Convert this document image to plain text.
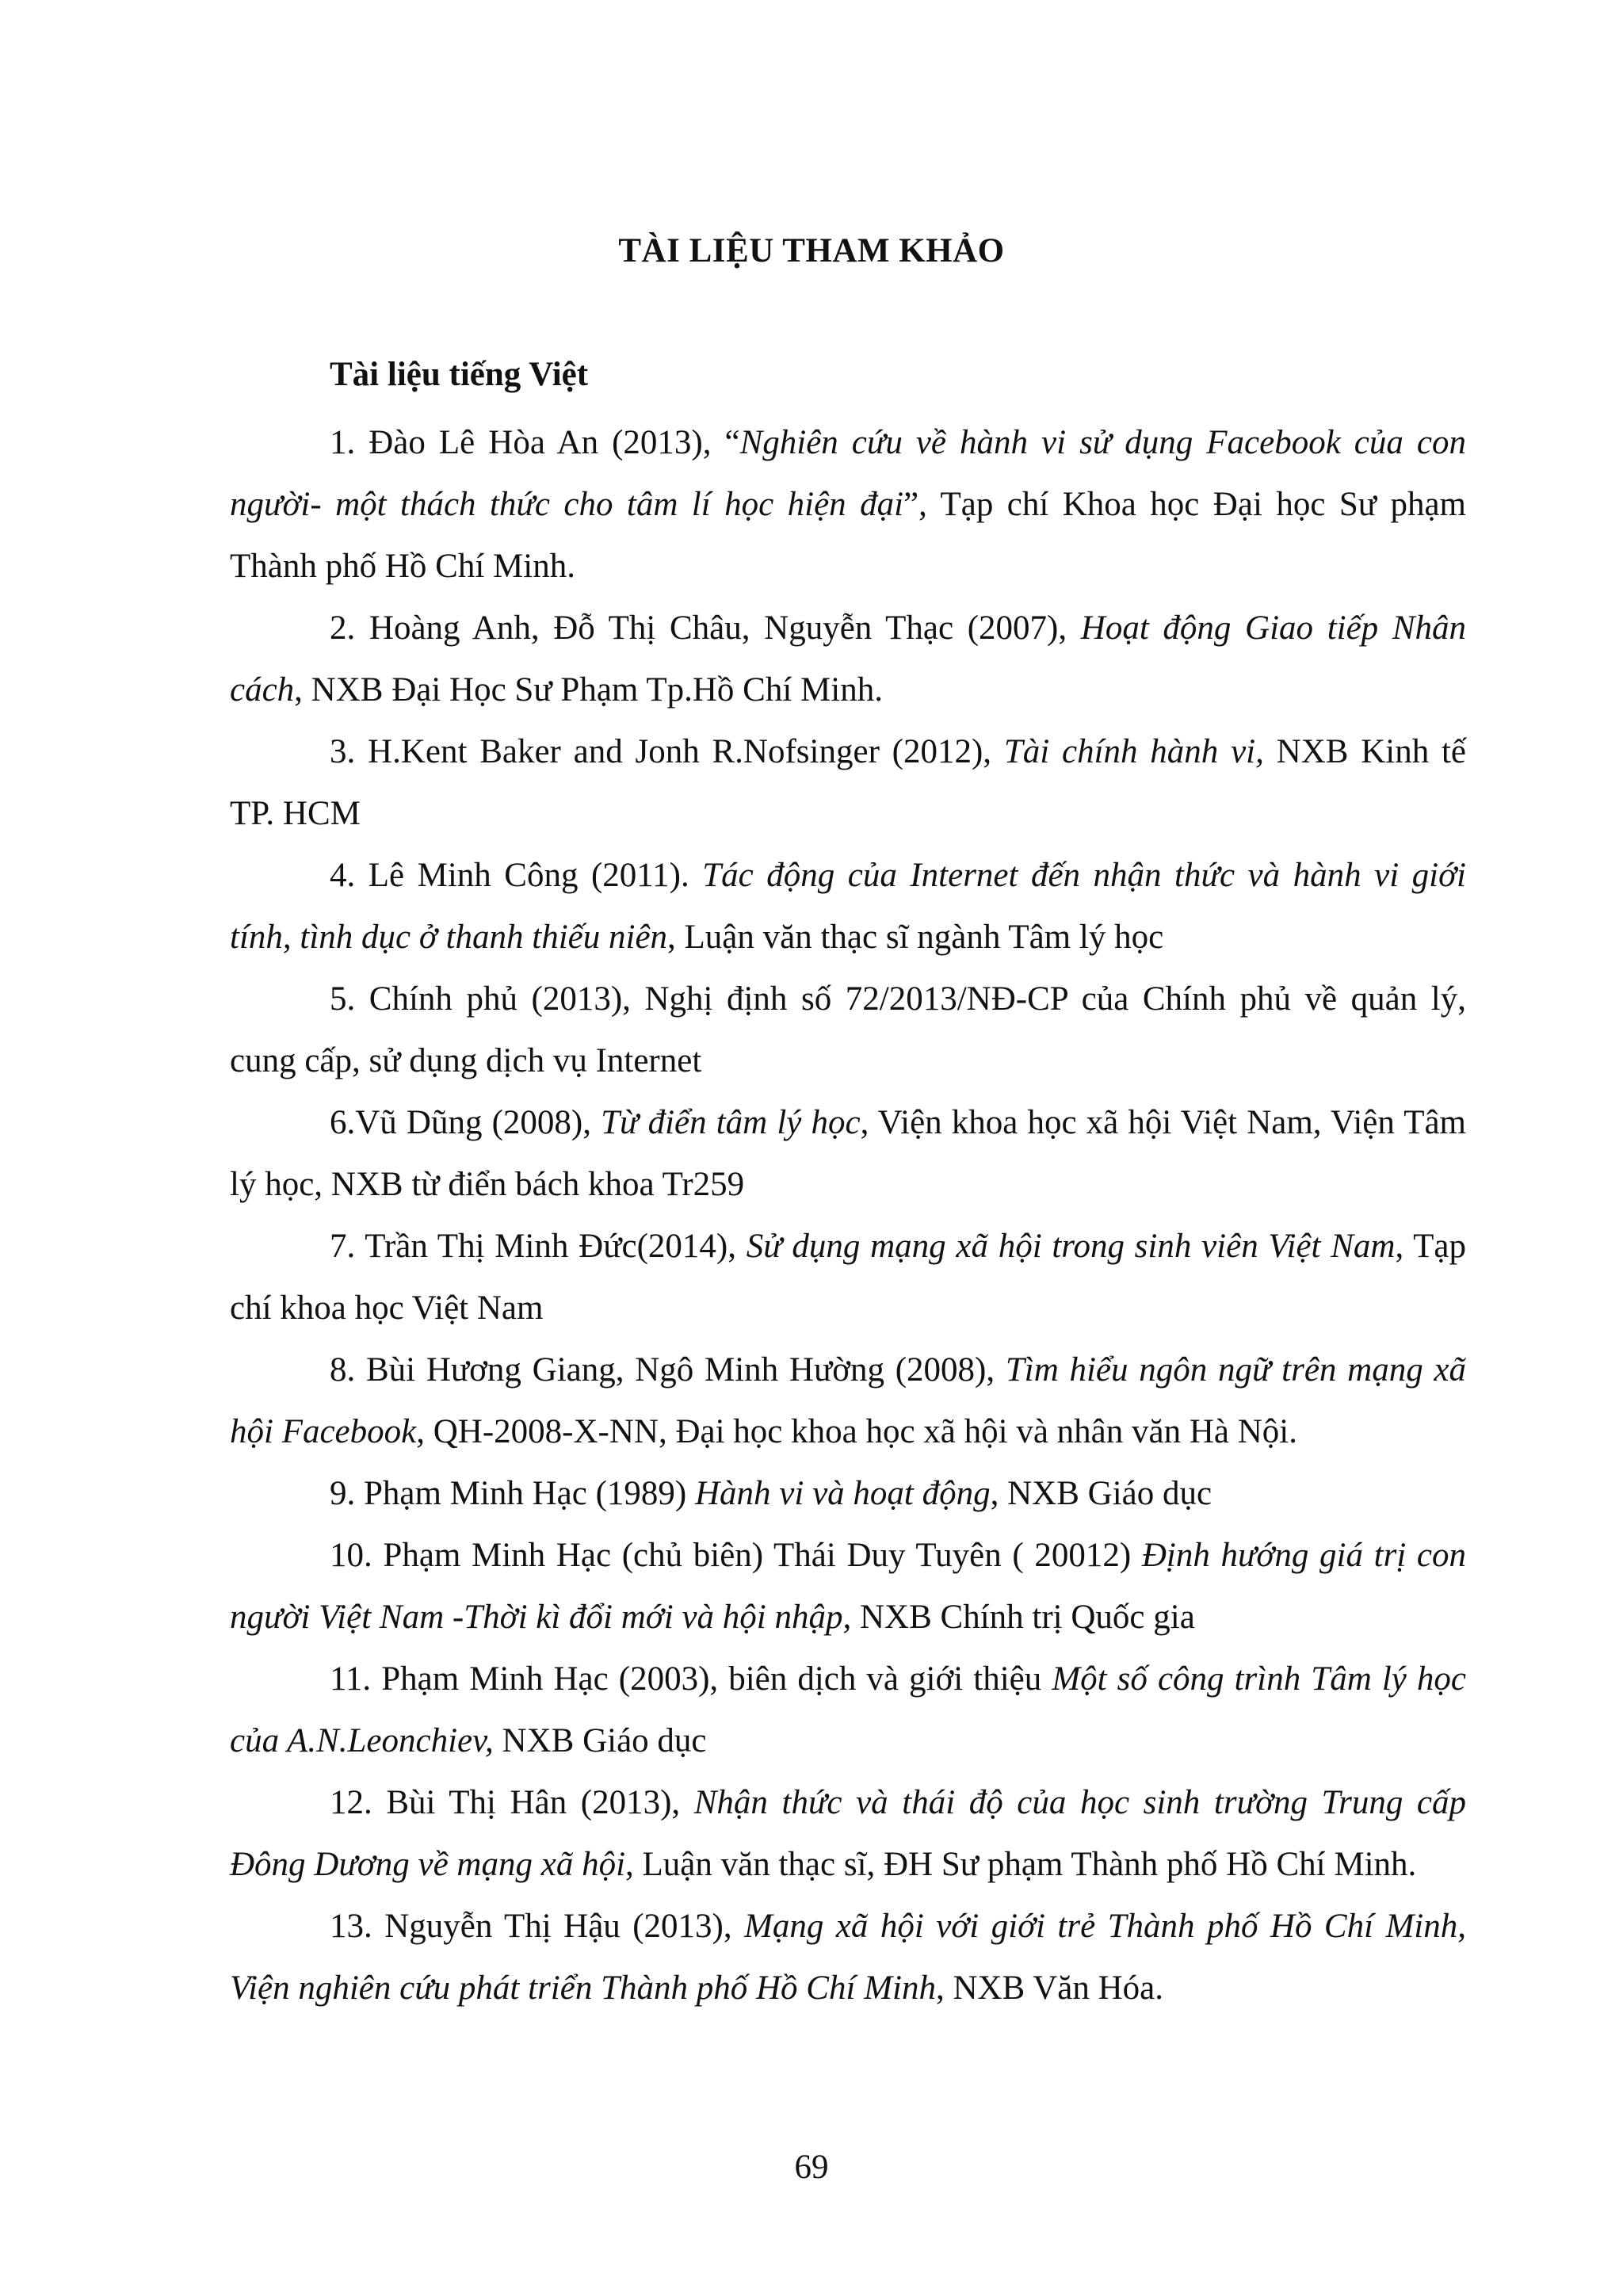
TÀI LIỆU THAM KHẢO
Tài liệu tiếng Việt

1. Đào Lê Hòa An (2013), “Nghiên cứu về hành vi sử dụng Facebook của con người- một thách thức cho tâm lí học hiện đại”, Tạp chí Khoa học Đại học Sư phạm Thành phố Hồ Chí Minh.

2. Hoàng Anh, Đỗ Thị Châu, Nguyễn Thạc (2007), Hoạt động Giao tiếp Nhân cách, NXB Đại Học Sư Phạm Tp.Hồ Chí Minh.

3. H.Kent Baker and Jonh R.Nofsinger (2012), Tài chính hành vi, NXB Kinh tế TP. HCM

4. Lê Minh Công (2011). Tác động của Internet đến nhận thức và hành vi giới tính, tình dục ở thanh thiếu niên, Luận văn thạc sĩ ngành Tâm lý học

5. Chính phủ (2013), Nghị định số 72/2013/NĐ-CP của Chính phủ về quản lý, cung cấp, sử dụng dịch vụ Internet

6.Vũ Dũng (2008), Từ điển tâm lý học, Viện khoa học xã hội Việt Nam, Viện Tâm lý học, NXB từ điển bách khoa Tr259

7. Trần Thị Minh Đức(2014), Sử dụng mạng xã hội trong sinh viên Việt Nam, Tạp chí khoa học Việt Nam

8. Bùi Hương Giang, Ngô Minh Hường (2008), Tìm hiểu ngôn ngữ trên mạng xã hội Facebook, QH-2008-X-NN, Đại học khoa học xã hội và nhân văn Hà Nội.

9. Phạm Minh Hạc (1989) Hành vi và hoạt động, NXB Giáo dục

10. Phạm Minh Hạc (chủ biên) Thái Duy Tuyên ( 20012) Định hướng giá trị con người Việt Nam -Thời kì đổi mới và hội nhập, NXB Chính trị Quốc gia

11. Phạm Minh Hạc (2003), biên dịch và giới thiệu Một số công trình Tâm lý học của A.N.Leonchiev, NXB Giáo dục

12. Bùi Thị Hân (2013), Nhận thức và thái độ của học sinh trường Trung cấp Đông Dương về mạng xã hội, Luận văn thạc sĩ, ĐH Sư phạm Thành phố Hồ Chí Minh.

13. Nguyễn Thị Hậu (2013), Mạng xã hội với giới trẻ Thành phố Hồ Chí Minh, Viện nghiên cứu phát triển Thành phố Hồ Chí Minh, NXB Văn Hóa.

69
